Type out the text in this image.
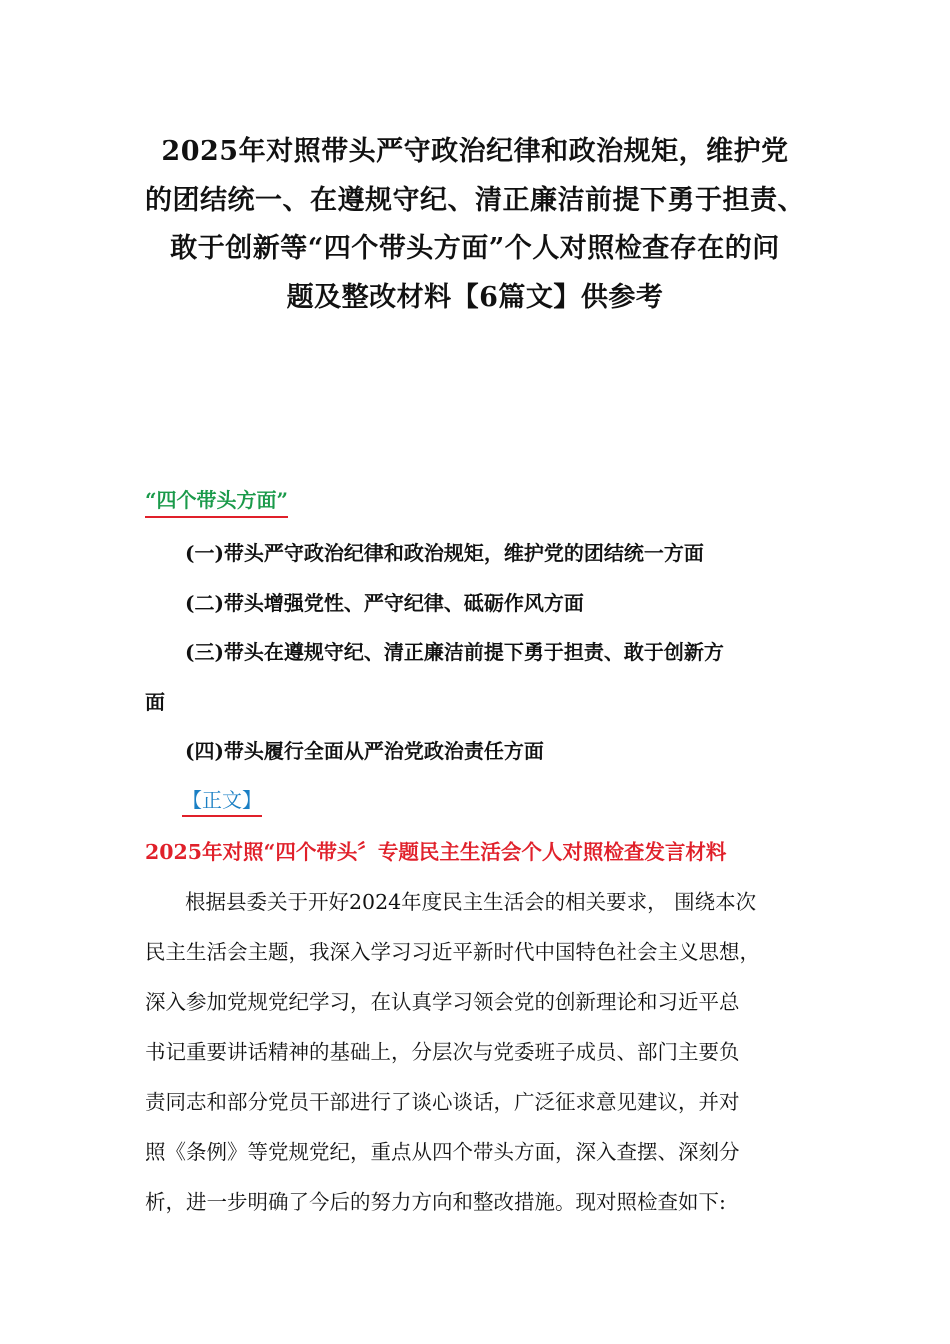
2025年对照带头严守政治纪律和政治规矩，维护党
的团结统一、在遵规守纪、清正廉洁前提下勇于担责、
敢于创新等“四个带头方面”个人对照检查存在的问
题及整改材料【6篇文】供参考
“四个带头方面”
(一)带头严守政治纪律和政治规矩，维护党的团结统一方面
(二)带头增强党性、严守纪律、砥砺作风方面
(三)带头在遵规守纪、清正廉洁前提下勇于担责、敢于创新方
面
(四)带头履行全面从严治党政治责任方面
【正文】
2025年对照“四个带头〞专题民主生活会个人对照检查发言材料
根据县委关于开好2024年度民主生活会的相关要求， 围绕本次
民主生活会主题，我深入学习习近平新时代中国特色社会主义思想，
深入参加党规党纪学习，在认真学习领会党的创新理论和习近平总
书记重要讲话精神的基础上，分层次与党委班子成员、部门主要负
责同志和部分党员干部进行了谈心谈话，广泛征求意见建议，并对
照《条例》等党规党纪，重点从四个带头方面，深入查摆、深刻分
析，进一步明确了今后的努力方向和整改措施。现对照检查如下:
